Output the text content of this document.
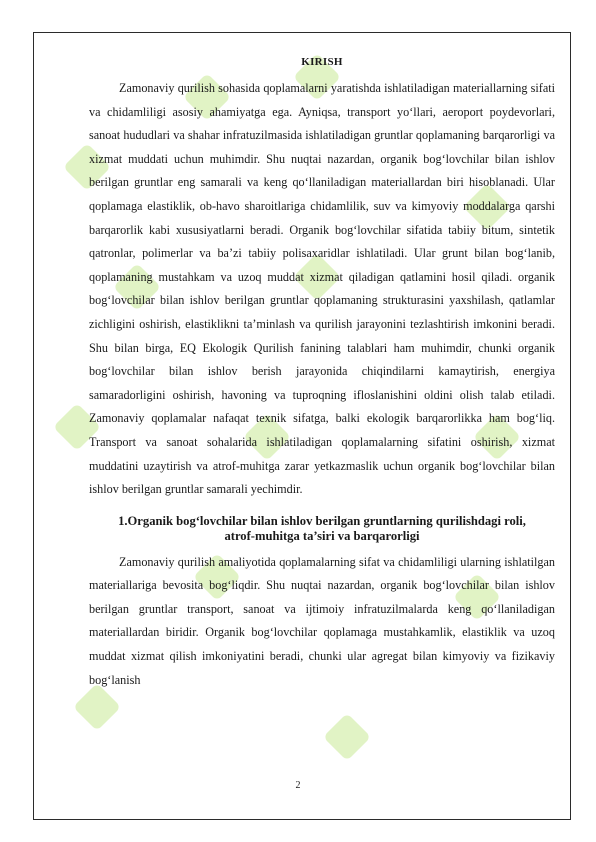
KIRISH

Zamonaviy qurilish sohasida qoplamalarni yaratishda ishlatiladigan materiallarning sifati va chidamliligi asosiy ahamiyatga ega. Ayniqsa, transport yo‘llari, aeroport poydevorlari, sanoat hududlari va shahar infratuzilmasida ishlatiladigan gruntlar qoplamaning barqarorligi va xizmat muddati uchun muhimdir. Shu nuqtai nazardan, organik bog‘lovchilar bilan ishlov berilgan gruntlar eng samarali va keng qo‘llaniladigan materiallardan biri hisoblanadi. Ular qoplamaga elastiklik, ob-havo sharoitlariga chidamlilik, suv va kimyoviy moddalarga qarshi barqarorlik kabi xususiyatlarni beradi. Organik bog‘lovchilar sifatida tabiiy bitum, sintetik qatronlar, polimerlar va ba’zi tabiiy polisaxaridlar ishlatiladi. Ular grunt bilan bog‘lanib, qoplamaning mustahkam va uzoq muddat xizmat qiladigan qatlamini hosil qiladi. organik bog‘lovchilar bilan ishlov berilgan gruntlar qoplamaning strukturasini yaxshilash, qatlamlar zichligini oshirish, elastiklikni ta’minlash va qurilish jarayonini tezlashtirish imkonini beradi. Shu bilan birga, EQ Ekologik Qurilish fanining talablari ham muhimdir, chunki organik bog‘lovchilar bilan ishlov berish jarayonida chiqindilarni kamaytirish, energiya samaradorligini oshirish, havoning va tuproqning ifloslanishini oldini olish talab etiladi. Zamonaviy qoplamalar nafaqat texnik sifatga, balki ekologik barqarorlikka ham bog‘liq. Transport va sanoat sohalarida ishlatiladigan qoplamalarning sifatini oshirish, xizmat muddatini uzaytirish va atrof-muhitga zarar yetkazmaslik uchun organik bog‘lovchilar bilan ishlov berilgan gruntlar samarali yechimdir.

1.Organik bog‘lovchilar bilan ishlov berilgan gruntlarning qurilishdagi roli,
atrof-muhitga ta’siri va barqarorligi

Zamonaviy qurilish amaliyotida qoplamalarning sifat va chidamliligi ularning ishlatilgan materiallariga bevosita bog‘liqdir. Shu nuqtai nazardan, organik bog‘lovchilar bilan ishlov berilgan gruntlar transport, sanoat va ijtimoiy infratuzilmalarda keng qo‘llaniladigan materiallardan biridir. Organik bog‘lovchilar qoplamaga mustahkamlik, elastiklik va uzoq muddat xizmat qilish imkoniyatini beradi, chunki ular agregat bilan kimyoviy va fizikaviy bog‘lanish

2
